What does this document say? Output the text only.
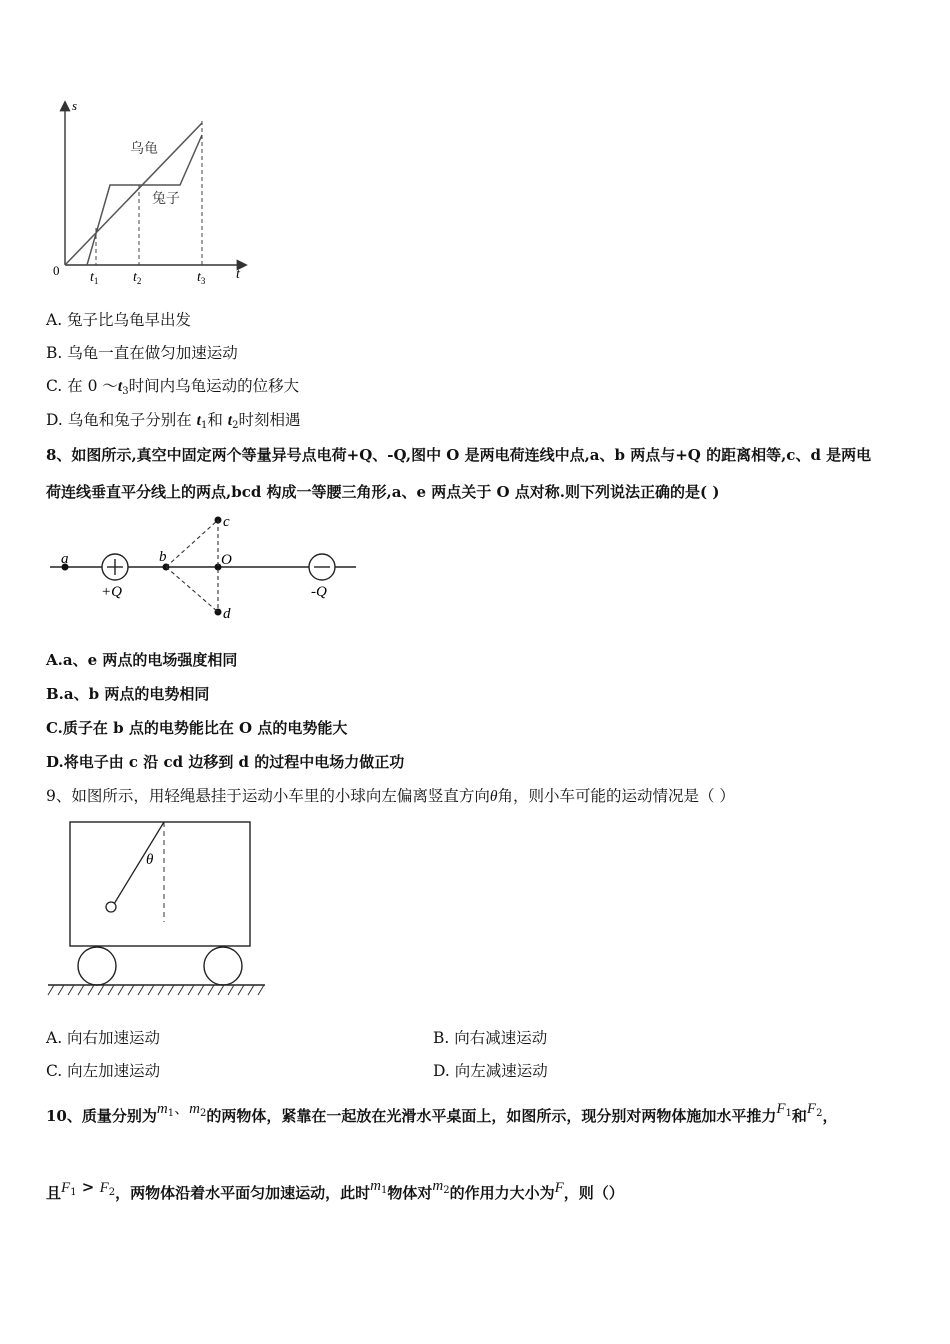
s
t
0
乌龟
兔子
$t_1$ $t_2$	$t_3$
A. 兔子比乌龟早出发
B. 乌龟一直在做匀加速运动
C. 在 0 $\sim t_3$时间内乌龟运动的位移大
D. 乌龟和兔子分别在 $t_1$和 $t_2$时刻相遇
8、如图所示,真空中固定两个等量异号点电荷+Q、-Q,图中 O 是两电荷连线中点,a、b 两点与+Q 的距离相等,c、d 是两电
荷连线垂直平分线上的两点,bcd 构成一等腰三角形,a、e 两点关于 O 点对称.则下列说法正确的是( )
a
+Q
b
c
O
d
-Q
A.a、e 两点的电场强度相同
B.a、b 两点的电势相同
C.质子在 b 点的电势能比在 O 点的电势能大
D.将电子由 c 沿 cd 边移到 d 的过程中电场力做正功
9、如图所示，用轻绳悬挂于运动小车里的小球向左偏离竖直方向θ角，则小车可能的运动情况是（ ）
θ
A. 向右加速运动	B. 向右减速运动
C. 向左加速运动	D. 向左减速运动
10、质量分别为$m^1$、$m^2$的两物体，紧靠在一起放在光滑水平桌面上，如图所示，现分别对两物体施加水平推力$F^1$和$F^2$，
且$F^1 > F^2$，两物体沿着水平面匀加速运动，此时$m^1$物体对$m^2$的作用力大小为F，则（）
